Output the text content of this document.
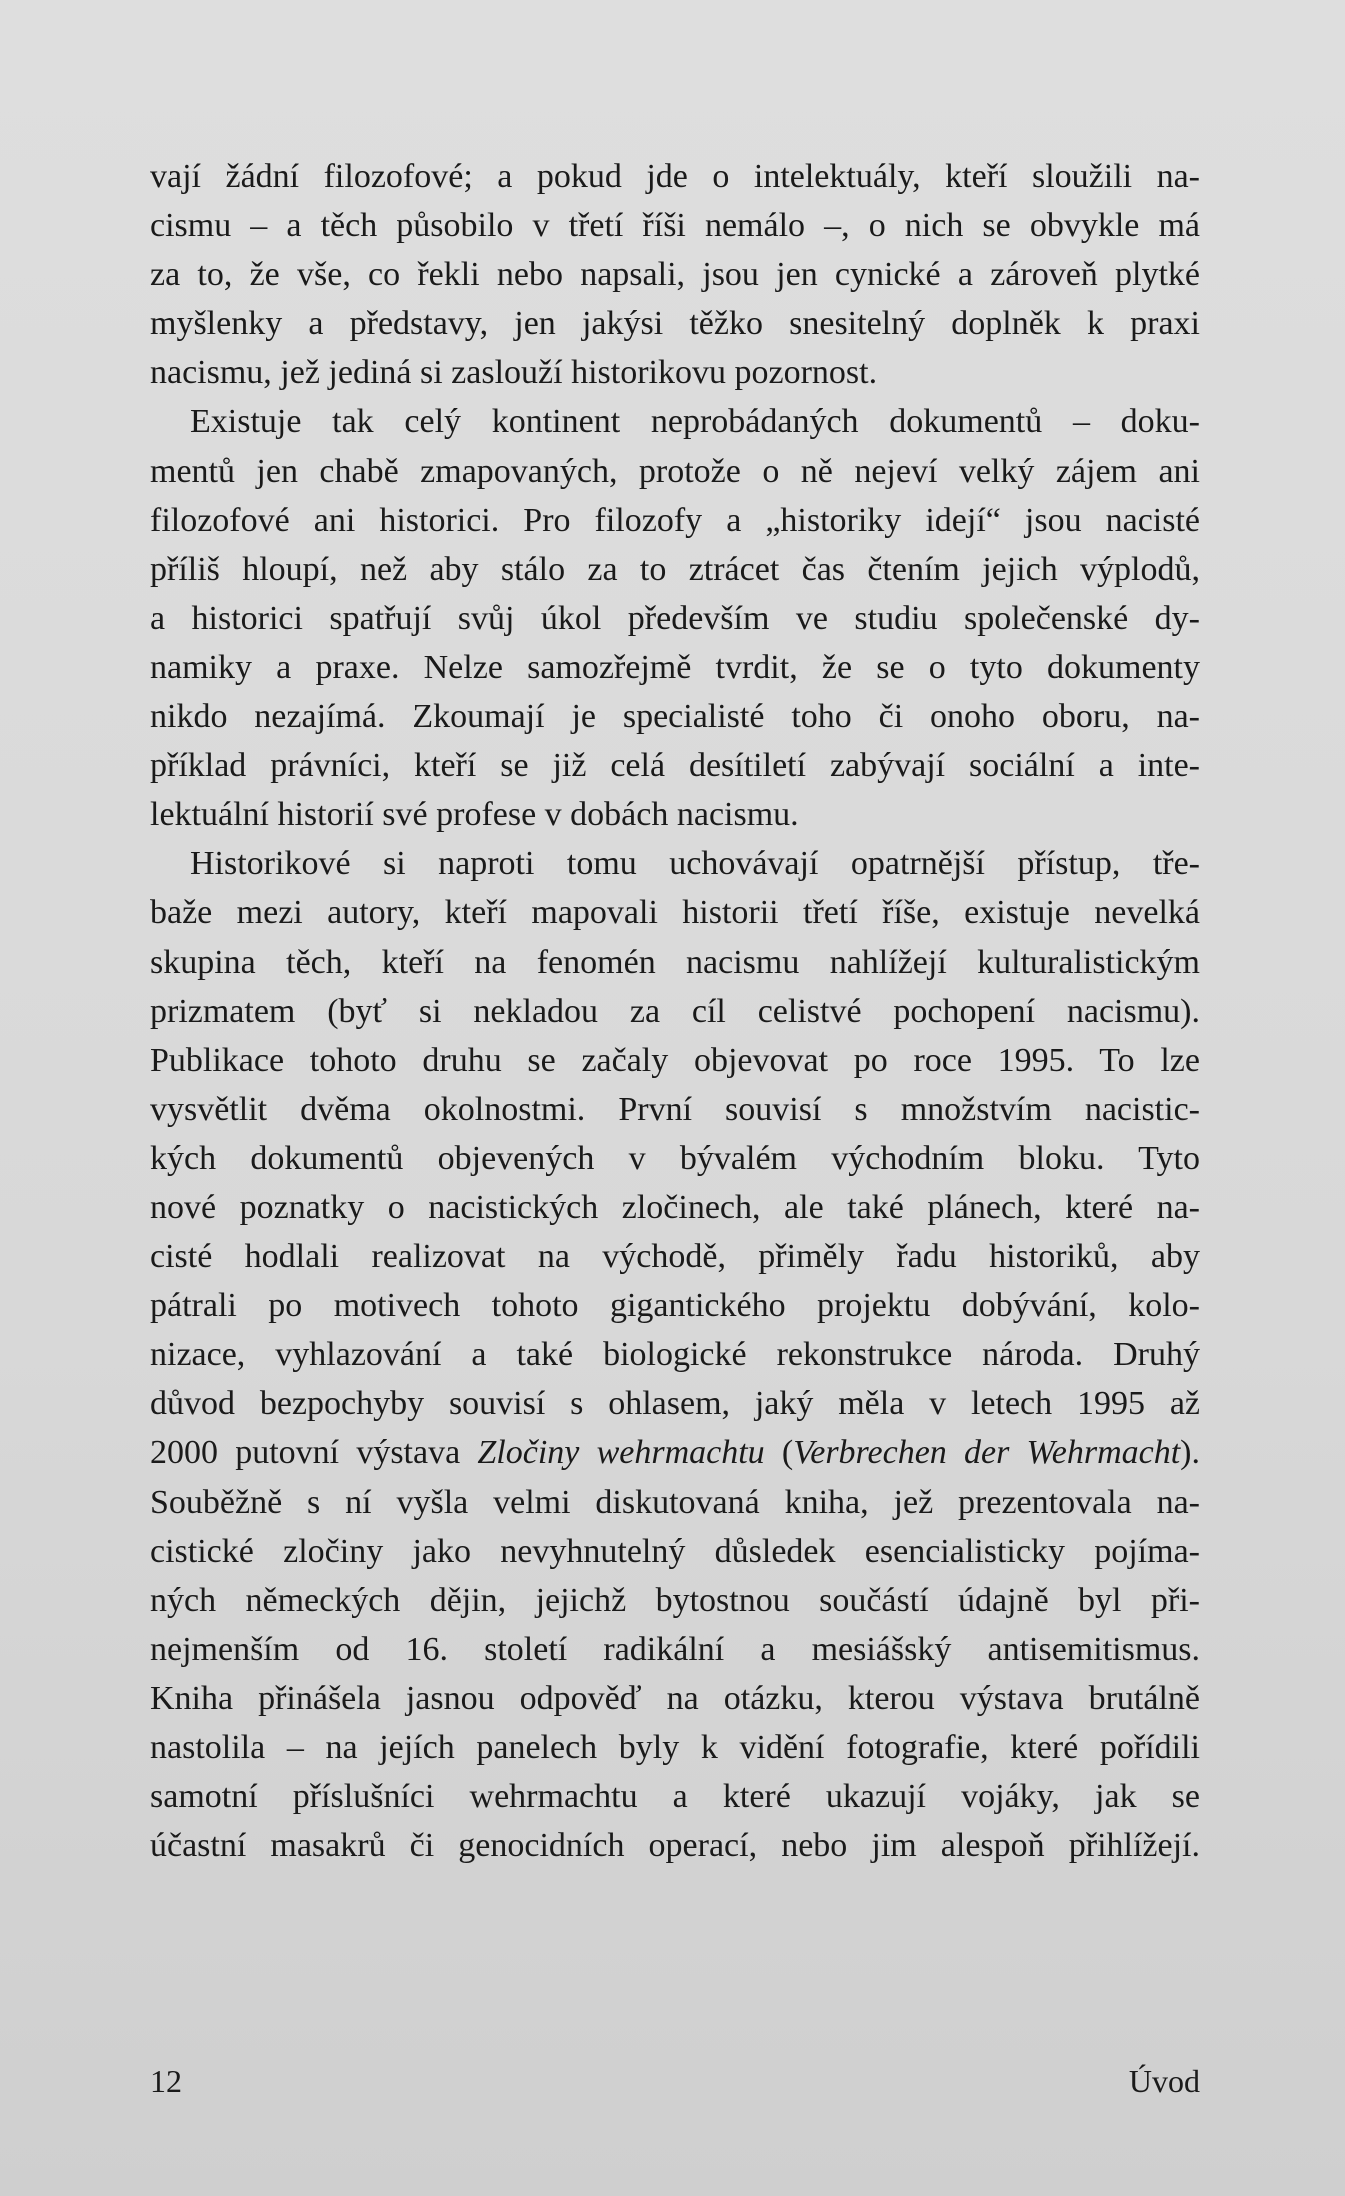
vají žádní filozofové; a pokud jde o intelektuály, kteří sloužili na-
cismu – a těch působilo v třetí říši nemálo –, o nich se obvykle má
za to, že vše, co řekli nebo napsali, jsou jen cynické a zároveň plytké
myšlenky a představy, jen jakýsi těžko snesitelný doplněk k praxi
nacismu, jež jediná si zaslouží historikovu pozornost.
Existuje tak celý kontinent neprobádaných dokumentů – doku-
mentů jen chabě zmapovaných, protože o ně nejeví velký zájem ani
filozofové ani historici. Pro filozofy a „historiky idejí“ jsou nacisté
příliš hloupí, než aby stálo za to ztrácet čas čtením jejich výplodů,
a historici spatřují svůj úkol především ve studiu společenské dy-
namiky a praxe. Nelze samozřejmě tvrdit, že se o tyto dokumenty
nikdo nezajímá. Zkoumají je specialisté toho či onoho oboru, na-
příklad právníci, kteří se již celá desítiletí zabývají sociální a inte-
lektuální historií své profese v dobách nacismu.
Historikové si naproti tomu uchovávají opatrnější přístup, tře-
baže mezi autory, kteří mapovali historii třetí říše, existuje nevelká
skupina těch, kteří na fenomén nacismu nahlížejí kulturalistickým
prizmatem (byť si nekladou za cíl celistvé pochopení nacismu).
Publikace tohoto druhu se začaly objevovat po roce 1995. To lze
vysvětlit dvěma okolnostmi. První souvisí s množstvím nacistic-
kých dokumentů objevených v bývalém východním bloku. Tyto
nové poznatky o nacistických zločinech, ale také plánech, které na-
cisté hodlali realizovat na východě, přiměly řadu historiků, aby
pátrali po motivech tohoto gigantického projektu dobývání, kolo-
nizace, vyhlazování a také biologické rekonstrukce národa. Druhý
důvod bezpochyby souvisí s ohlasem, jaký měla v letech 1995 až
2000 putovní výstava Zločiny wehrmachtu (Verbrechen der Wehrmacht).
Souběžně s ní vyšla velmi diskutovaná kniha, jež prezentovala na-
cistické zločiny jako nevyhnutelný důsledek esencialisticky pojíma-
ných německých dějin, jejichž bytostnou součástí údajně byl při-
nejmenším od 16. století radikální a mesiášský antisemitismus.
Kniha přinášela jasnou odpověď na otázku, kterou výstava brutálně
nastolila – na jejích panelech byly k vidění fotografie, které pořídili
samotní příslušníci wehrmachtu a které ukazují vojáky, jak se
účastní masakrů či genocidních operací, nebo jim alespoň přihlížejí.
12	Úvod
